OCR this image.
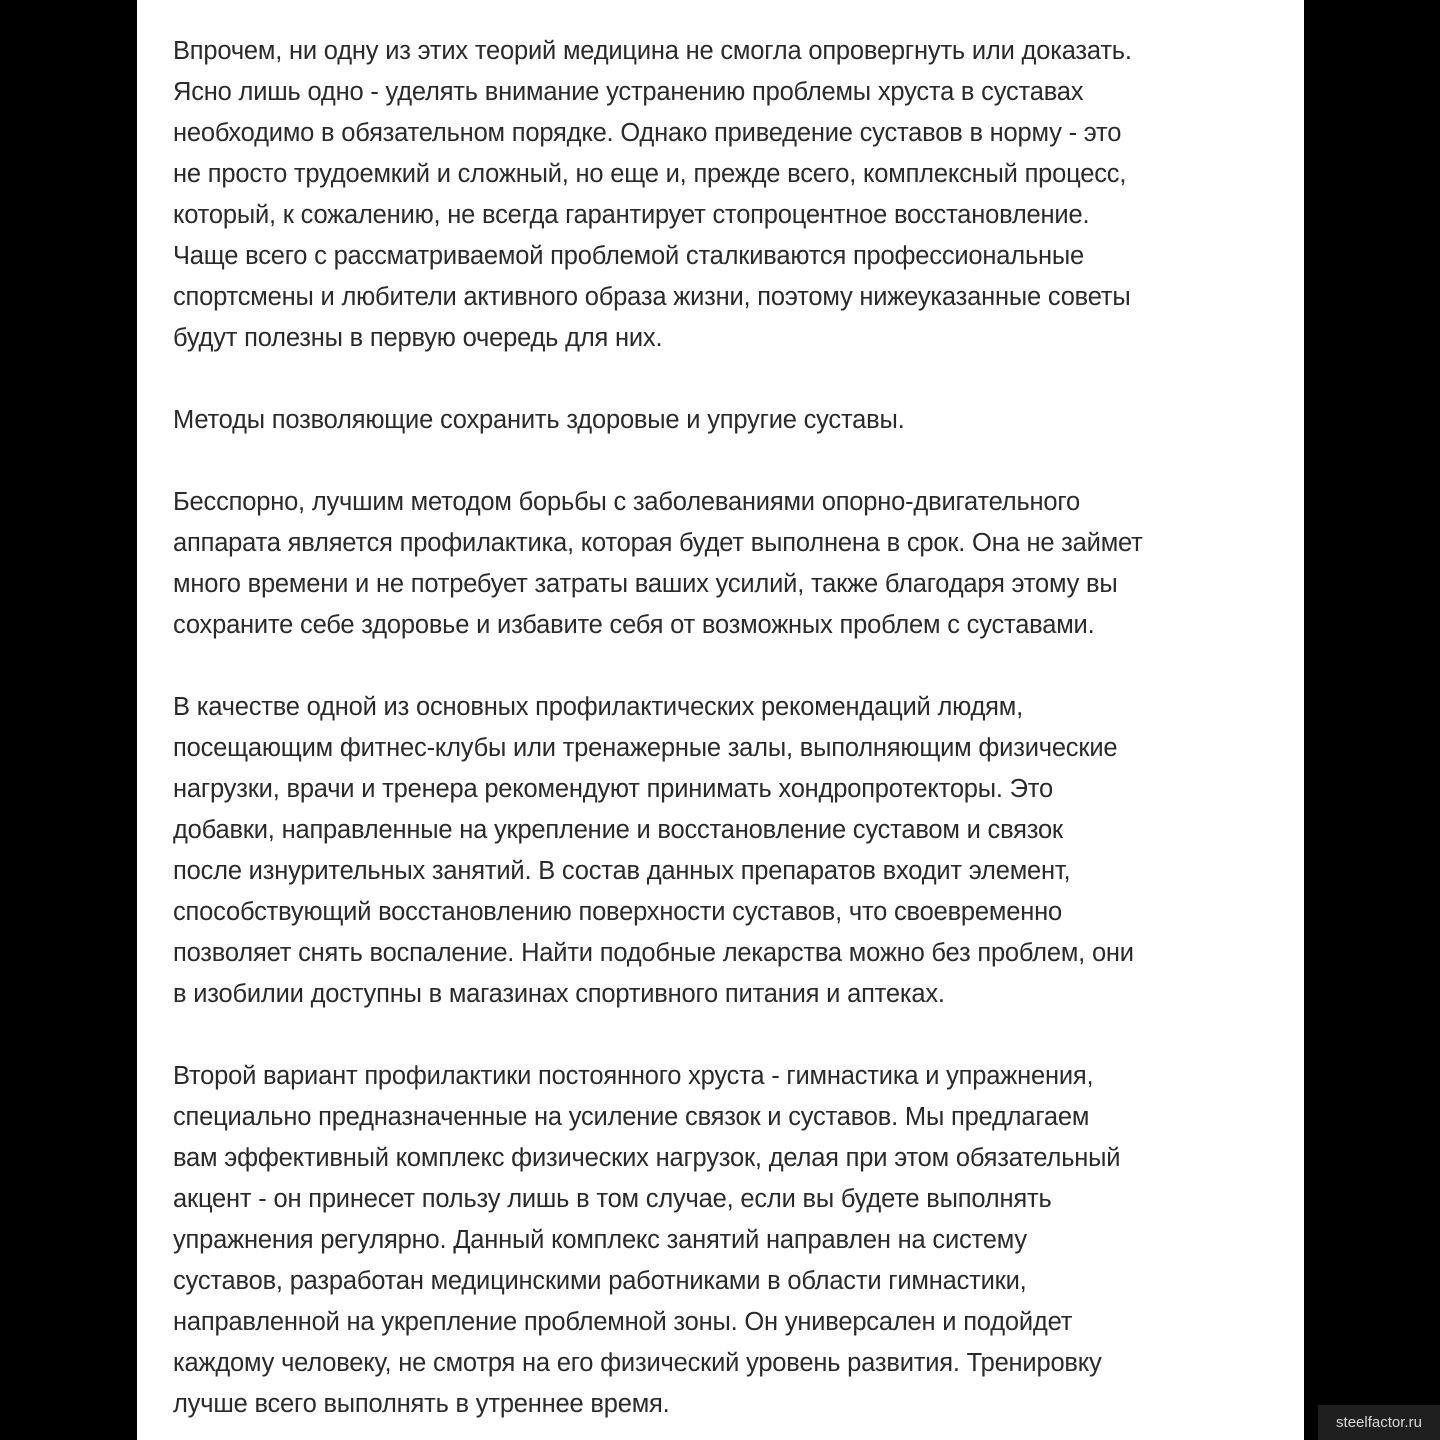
Впрочем, ни одну из этих теорий медицина не смогла опровергнуть или доказать.
Ясно лишь одно - уделять внимание устранению проблемы хруста в суставах
необходимо в обязательном порядке. Однако приведение суставов в норму - это
не просто трудоемкий и сложный, но еще и, прежде всего, комплексный процесс,
который, к сожалению, не всегда гарантирует стопроцентное восстановление.
Чаще всего с рассматриваемой проблемой сталкиваются профессиональные
спортсмены и любители активного образа жизни, поэтому нижеуказанные советы
будут полезны в первую очередь для них.
Методы позволяющие сохранить здоровые и упругие суставы.
Бесспорно, лучшим методом борьбы с заболеваниями опорно-двигательного
аппарата является профилактика, которая будет выполнена в срок. Она не займет
много времени и не потребует затраты ваших усилий, также благодаря этому вы
сохраните себе здоровье и избавите себя от возможных проблем с суставами.
В качестве одной из основных профилактических рекомендаций людям,
посещающим фитнес-клубы или тренажерные залы, выполняющим физические
нагрузки, врачи и тренера рекомендуют принимать хондропротекторы. Это
добавки, направленные на укрепление и восстановление суставом и связок
после изнурительных занятий. В состав данных препаратов входит элемент,
способствующий восстановлению поверхности суставов, что своевременно
позволяет снять воспаление. Найти подобные лекарства можно без проблем, они
в изобилии доступны в магазинах спортивного питания и аптеках.
Второй вариант профилактики постоянного хруста - гимнастика и упражнения,
специально предназначенные на усиление связок и суставов. Мы предлагаем
вам эффективный комплекс физических нагрузок, делая при этом обязательный
акцент - он принесет пользу лишь в том случае, если вы будете выполнять
упражнения регулярно. Данный комплекс занятий направлен на систему
суставов, разработан медицинскими работниками в области гимнастики,
направленной на укрепление проблемной зоны. Он универсален и подойдет
каждому человеку, не смотря на его физический уровень развития. Тренировку
лучше всего выполнять в утреннее время.
steelfactor.ru
